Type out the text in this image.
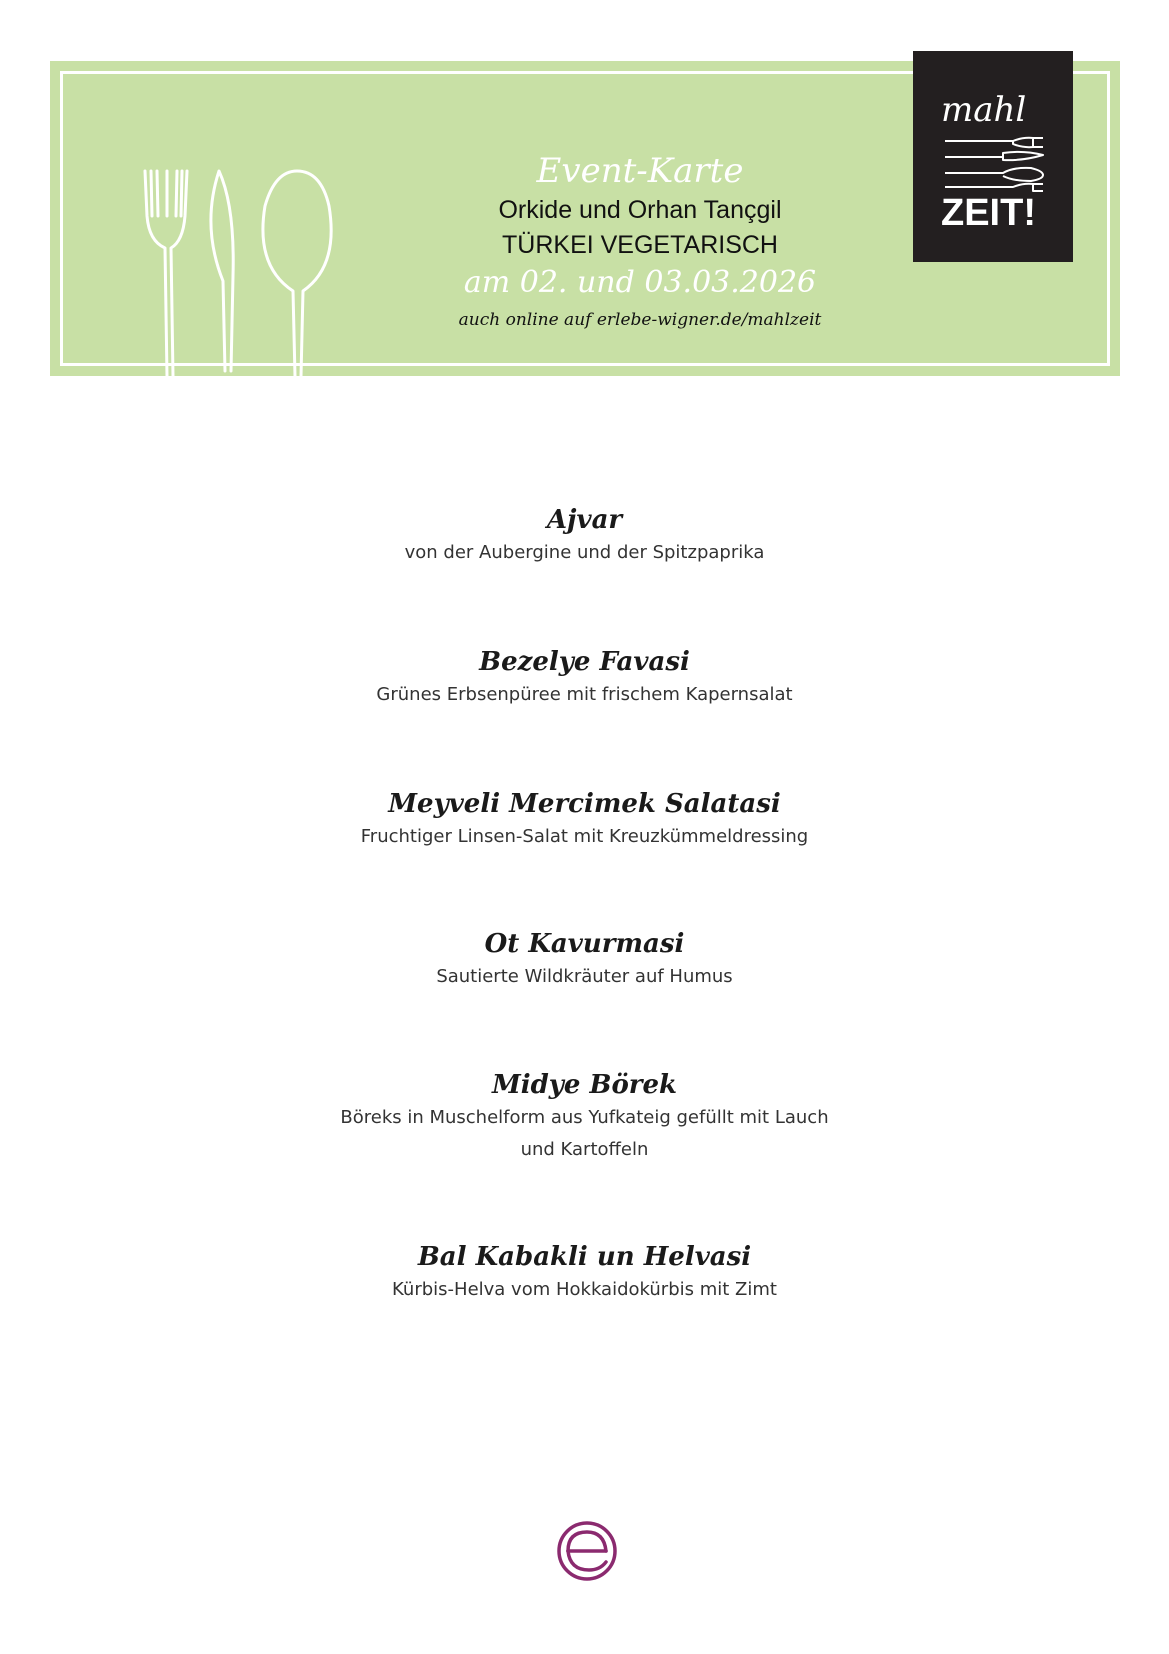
Event-Karte
Orkide und Orhan Tançgil
TÜRKEI VEGETARISCH
am 02. und 03.03.2026
auch online auf erlebe-wigner.de/mahlzeit
mahl
ZEIT!
Ajvar
von der Aubergine und der Spitzpaprika
Bezelye Favasi
Grünes Erbsenpüree mit frischem Kapernsalat
Meyveli Mercimek Salatasi
Fruchtiger Linsen-Salat mit Kreuzkümmeldressing
Ot Kavurmasi
Sautierte Wildkräuter auf Humus
Midye Börek
Böreks in Muschelform aus Yufkateig gefüllt mit Lauch und Kartoffeln
Bal Kabakli un Helvasi
Kürbis-Helva vom Hokkaidokürbis mit Zimt
